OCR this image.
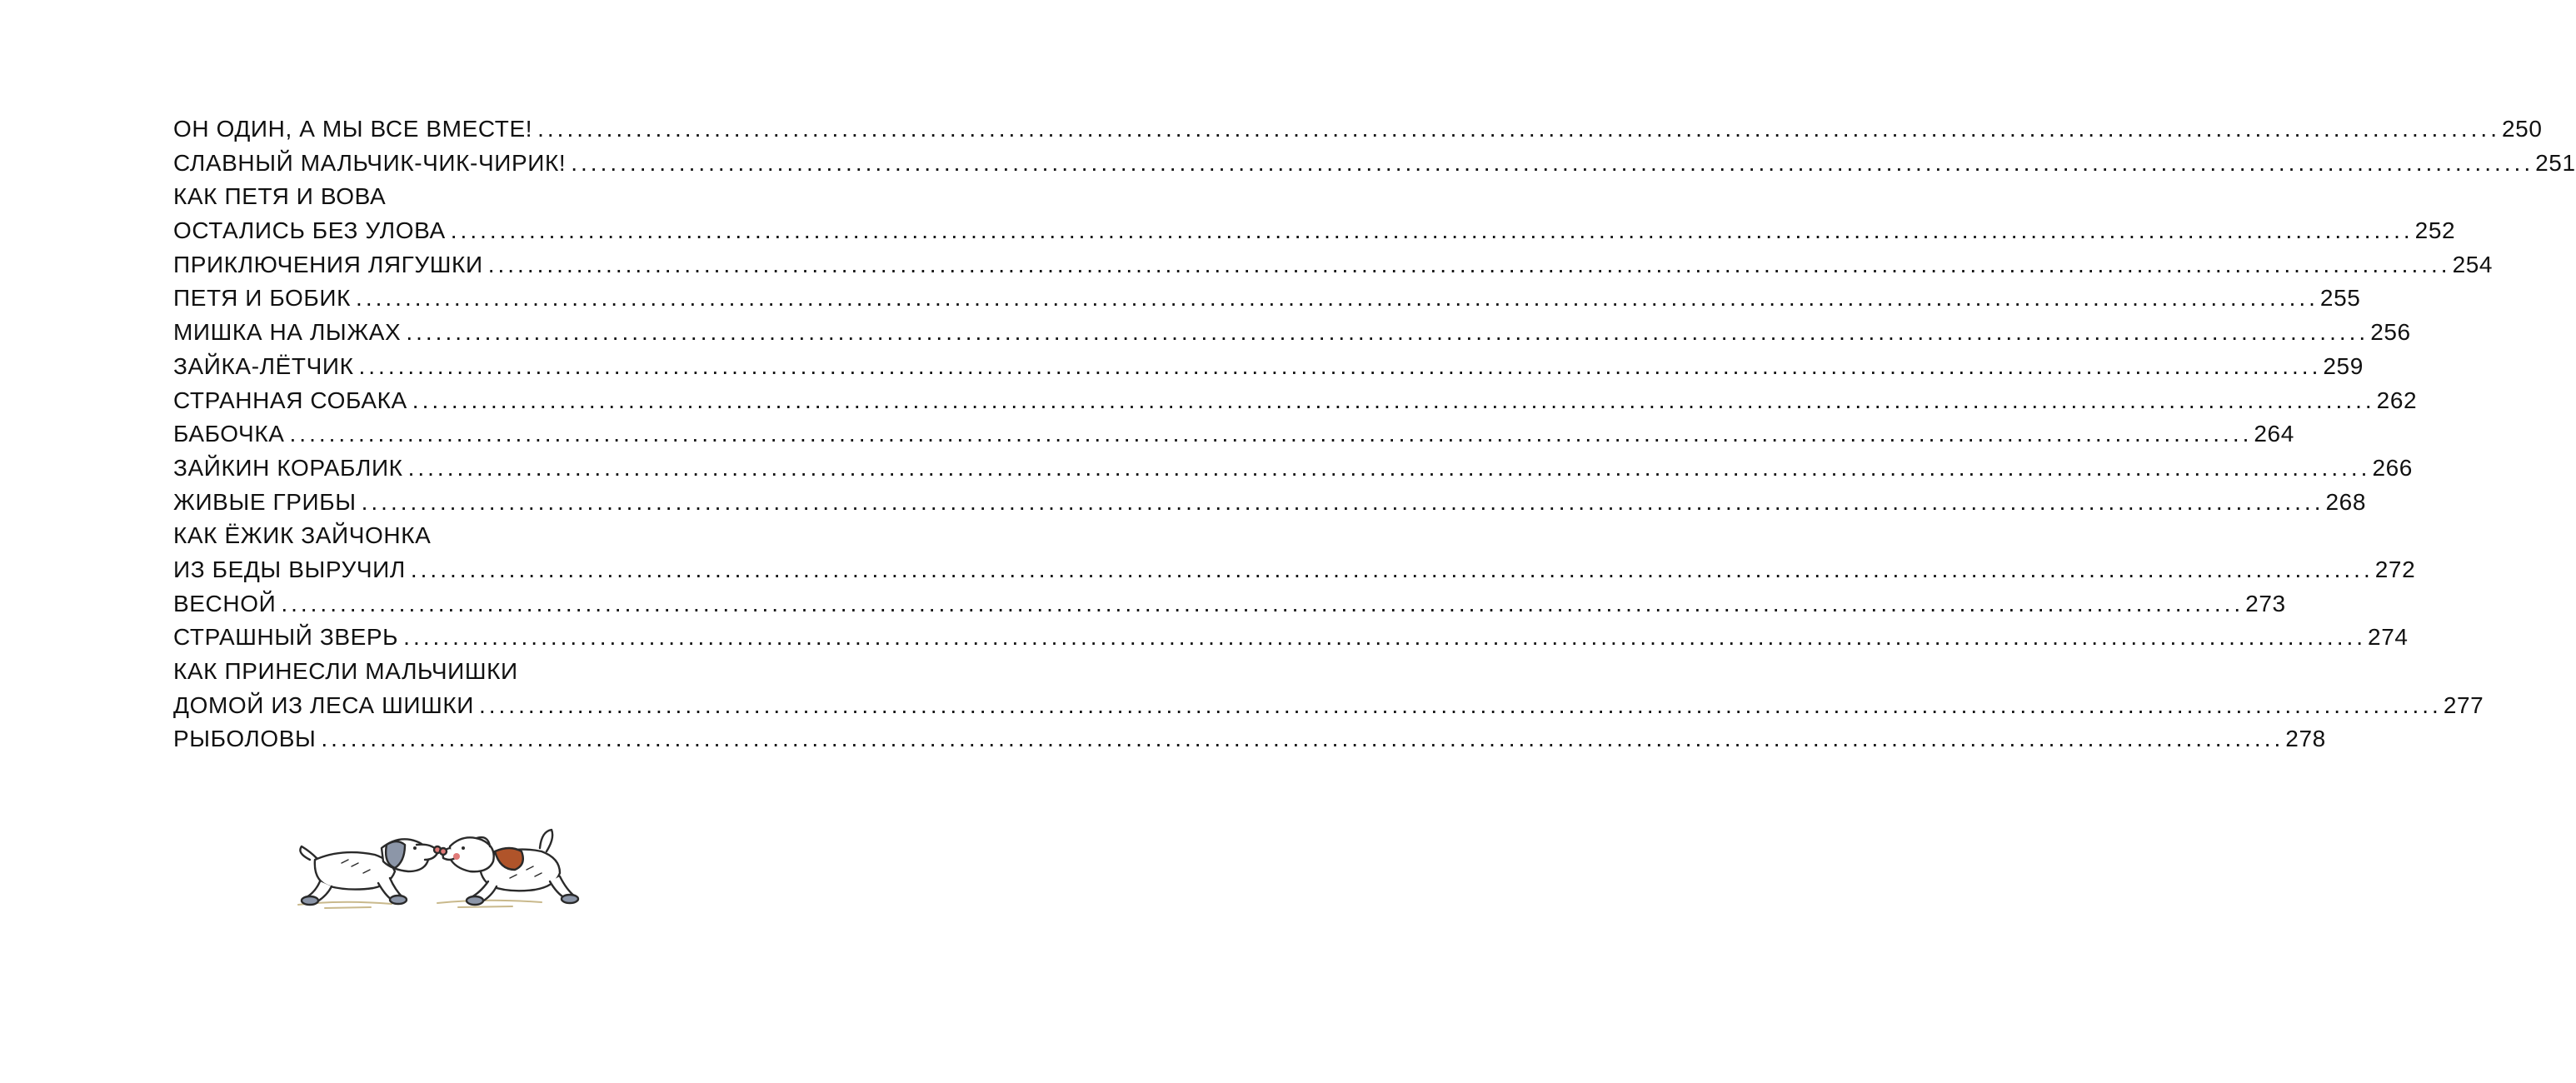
ОН ОДИН, А МЫ ВСЕ ВМЕСТЕ! ........................................................................................................................................................................................................ 250
СЛАВНЫЙ МАЛЬЧИК-ЧИК-ЧИРИК! ........................................................................................................................................................................................................ 251
КАК ПЕТЯ И ВОВА
ОСТАЛИСЬ БЕЗ УЛОВА ........................................................................................................................................................................................................ 252
ПРИКЛЮЧЕНИЯ ЛЯГУШКИ ........................................................................................................................................................................................................ 254
ПЕТЯ И БОБИК ........................................................................................................................................................................................................ 255
МИШКА НА ЛЫЖАХ ........................................................................................................................................................................................................ 256
ЗАЙКА-ЛЁТЧИК ........................................................................................................................................................................................................ 259
СТРАННАЯ СОБАКА ........................................................................................................................................................................................................ 262
БАБОЧКА ........................................................................................................................................................................................................ 264
ЗАЙКИН КОРАБЛИК ........................................................................................................................................................................................................ 266
ЖИВЫЕ ГРИБЫ ........................................................................................................................................................................................................ 268
КАК ЁЖИК ЗАЙЧОНКА
ИЗ БЕДЫ ВЫРУЧИЛ ........................................................................................................................................................................................................ 272
ВЕСНОЙ ........................................................................................................................................................................................................ 273
СТРАШНЫЙ ЗВЕРЬ ........................................................................................................................................................................................................ 274
КАК ПРИНЕСЛИ МАЛЬЧИШКИ
ДОМОЙ ИЗ ЛЕСА ШИШКИ ........................................................................................................................................................................................................ 277
РЫБОЛОВЫ ........................................................................................................................................................................................................ 278
